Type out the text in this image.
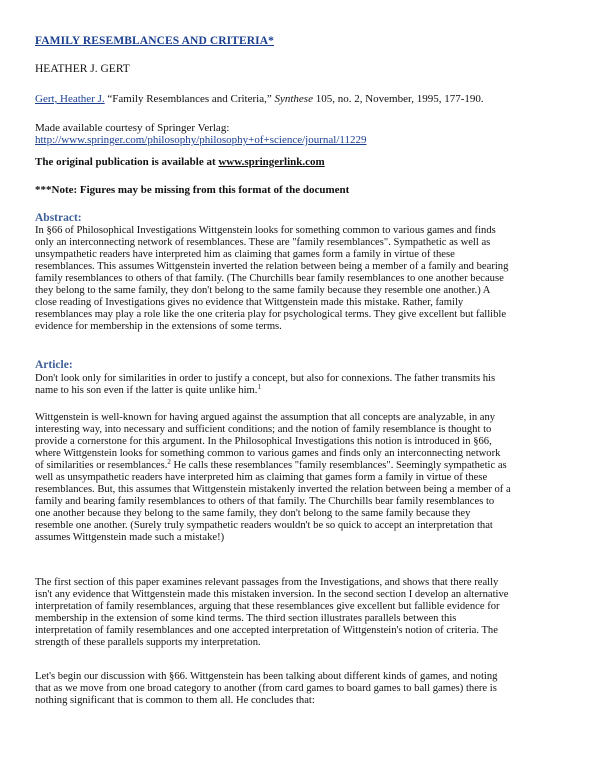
FAMILY RESEMBLANCES AND CRITERIA*
HEATHER J. GERT
Gert, Heather J. “Family Resemblances and Criteria,” Synthese 105, no. 2, November, 1995, 177-190.
Made available courtesy of Springer Verlag:
http://www.springer.com/philosophy/philosophy+of+science/journal/11229
The original publication is available at www.springerlink.com
***Note: Figures may be missing from this format of the document
Abstract:
In §66 of Philosophical Investigations Wittgenstein looks for something common to various games and finds
only an interconnecting network of resemblances. These are "family resemblances". Sympathetic as well as
unsympathetic readers have interpreted him as claiming that games form a family in virtue of these
resemblances. This assumes Wittgenstein inverted the relation between being a member of a family and bearing
family resemblances to others of that family. (The Churchills bear family resemblances to one another because
they belong to the same family, they don't belong to the same family because they resemble one another.) A
close reading of Investigations gives no evidence that Wittgenstein made this mistake. Rather, family
resemblances may play a role like the one criteria play for psychological terms. They give excellent but fallible
evidence for membership in the extensions of some terms.
Article:
Don't look only for similarities in order to justify a concept, but also for connexions. The father transmits his
name to his son even if the latter is quite unlike him.$^1$
Wittgenstein is well-known for having argued against the assumption that all concepts are analyzable, in any
interesting way, into necessary and sufficient conditions; and the notion of family resemblance is thought to
provide a cornerstone for this argument. In the Philosophical Investigations this notion is introduced in §66,
where Wittgenstein looks for something common to various games and finds only an interconnecting network
of similarities or resemblances.$^2$ He calls these resemblances "family resemblances". Seemingly sympathetic as
well as unsympathetic readers have interpreted him as claiming that games form a family in virtue of these
resemblances. But, this assumes that Wittgenstein mistakenly inverted the relation between being a member of a
family and bearing family resemblances to others of that family. The Churchills bear family resemblances to
one another because they belong to the same family, they don't belong to the same family because they
resemble one another. (Surely truly sympathetic readers wouldn't be so quick to accept an interpretation that
assumes Wittgenstein made such a mistake!)
The first section of this paper examines relevant passages from the Investigations, and shows that there really
isn't any evidence that Wittgenstein made this mistaken inversion. In the second section I develop an alternative
interpretation of family resemblances, arguing that these resemblances give excellent but fallible evidence for
membership in the extension of some kind terms. The third section illustrates parallels between this
interpretation of family resemblances and one accepted interpretation of Wittgenstein's notion of criteria. The
strength of these parallels supports my interpretation.
Let's begin our discussion with §66. Wittgenstein has been talking about different kinds of games, and noting
that as we move from one broad category to another (from card games to board games to ball games) there is
nothing significant that is common to them all. He concludes that:
